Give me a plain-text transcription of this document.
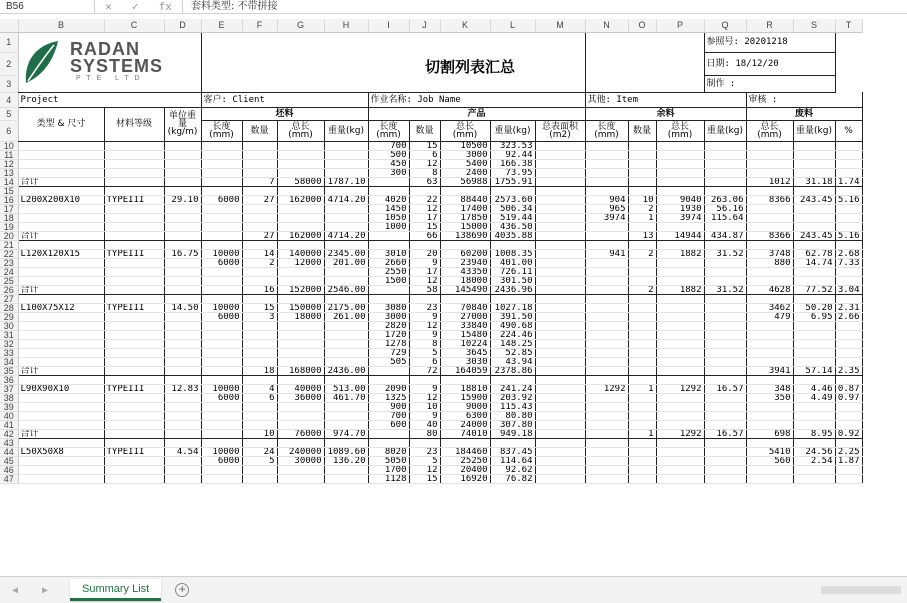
B56	✕ ✓ fx	套料类型: 不带拼接
	B	C	D	E	F	G	H	I	J	K	L	M	N	O	P	Q	R	S	T
1																参照号: 20201218			
2																日期: 18/12/20			
3																制作 :			
4	Project			客户: Client				作业名称: Job Name					其他: Item				审核 :		
5	类型 & 尺寸	材料等级	单位重量(kg/m)	坯料				产品					余料				废料		
6				长度(mm)	数量	总长 (mm)	重量(kg)	长度(mm)	数量	总长 (mm)	重量(kg)	总表面积(m2)	长度(mm)	数量	总长 (mm)	重量(kg)	总长 (mm)	重量(kg)	%
10								700	15	10500	323.53								
11								500	6	3000	92.44								
12								450	12	5400	166.38								
13								300	8	2400	73.95								
14	合计				7	58000	1787.10		63	56988	1755.91						1012	31.18	1.74
15																			
16	L200X200X10	TYPEIII	29.10	6000	27	162000	4714.20	4020	22	88440	2573.60		904	10	9040	263.06	8366	243.45	5.16
17								1450	12	17400	506.34		965	2	1930	56.16			
18								1050	17	17850	519.44		3974	1	3974	115.64			
19								1000	15	15000	436.50								
20	合计				27	162000	4714.20		66	138690	4035.88			13	14944	434.87	8366	243.45	5.16
21																			
22	L120X120X15	TYPEIII	16.75	10000	14	140000	2345.00	3010	20	60200	1008.35		941	2	1882	31.52	3748	62.78	2.68
23				6000	2	12000	201.00	2660	9	23940	401.00						880	14.74	7.33
24								2550	17	43350	726.11								
25								1500	12	18000	301.50								
26	合计				16	152000	2546.00		58	145490	2436.96			2	1882	31.52	4628	77.52	3.04
27																			
28	L100X75X12	TYPEIII	14.50	10000	15	150000	2175.00	3080	23	70840	1027.18						3462	50.20	2.31
29				6000	3	18000	261.00	3000	9	27000	391.50						479	6.95	2.66
30								2820	12	33840	490.68								
31								1720	9	15480	224.46								
32								1278	8	10224	148.25								
33								729	5	3645	52.85								
34								505	6	3030	43.94								
35	合计				18	168000	2436.00		72	164059	2378.86						3941	57.14	2.35
36																			
37	L90X90X10	TYPEIII	12.83	10000	4	40000	513.00	2090	9	18810	241.24		1292	1	1292	16.57	348	4.46	0.87
38				6000	6	36000	461.70	1325	12	15900	203.92						350	4.49	0.97
39								900	10	9000	115.43								
40								700	9	6300	80.80								
41								600	40	24000	307.80								
42	合计				10	76000	974.70		80	74010	949.18			1	1292	16.57	698	8.95	0.92
43																			
44	L50X50X8	TYPEIII	4.54	10000	24	240000	1089.60	8020	23	184460	837.45						5410	24.56	2.25
45				6000	5	30000	136.20	5050	5	25250	114.64						560	2.54	1.87
46								1700	12	20400	92.62								
47								1128	15	16920	76.82								
RADAN
SYSTEMS
P T E   L T D
切割列表汇总
◀ ▶	Summary List	+
